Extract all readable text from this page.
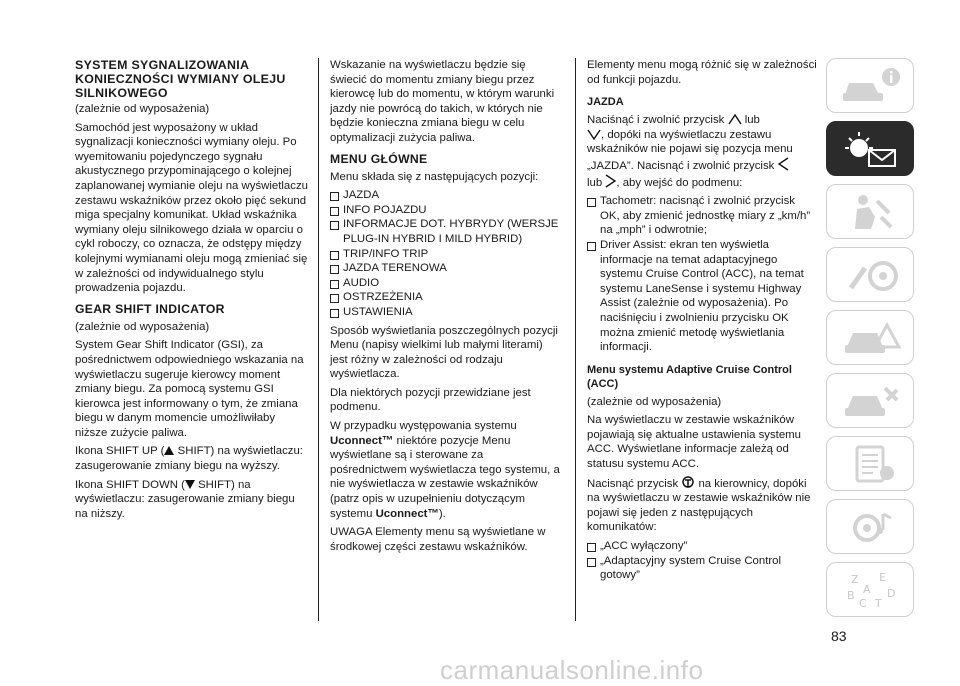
SYSTEM SYGNALIZOWANIA KONIECZNOŚCI WYMIANY OLEJU SILNIKOWEGO

(zależnie od wyposażenia)

Samochód jest wyposażony w układ sygnalizacji konieczności wymiany oleju. Po wyemitowaniu pojedynczego sygnału akustycznego przypominającego o kolejnej zaplanowanej wymianie oleju na wyświetlaczu zestawu wskaźników przez około pięć sekund miga specjalny komunikat. Układ wskaźnika wymiany oleju silnikowego działa w oparciu o cykl roboczy, co oznacza, że odstępy między kolejnymi wymianami oleju mogą zmieniać się w zależności od indywidualnego stylu prowadzenia pojazdu.

GEAR SHIFT INDICATOR

(zależnie od wyposażenia)

System Gear Shift Indicator (GSI), za pośrednictwem odpowiedniego wskazania na wyświetlaczu sugeruje kierowcy moment zmiany biegu. Za pomocą systemu GSI kierowca jest informowany o tym, że zmiana biegu w danym momencie umożliwiłaby niższe zużycie paliwa.

Ikona SHIFT UP ( SHIFT) na wyświetlaczu: zasugerowanie zmiany biegu na wyższy.

Ikona SHIFT DOWN ( SHIFT) na wyświetlaczu: zasugerowanie zmiany biegu na niższy.

Wskazanie na wyświetlaczu będzie się świecić do momentu zmiany biegu przez kierowcę lub do momentu, w którym warunki jazdy nie powrócą do takich, w których nie będzie konieczna zmiana biegu w celu optymalizacji zużycia paliwa.

MENU GŁÓWNE

Menu składa się z następujących pozycji:

JAZDA
INFO POJAZDU
INFORMACJE DOT. HYBRYDY (WERSJE PLUG-IN HYBRID I MILD HYBRID)
TRIP/INFO TRIP
JAZDA TERENOWA
AUDIO
OSTRZEŻENIA
USTAWIENIA

Sposób wyświetlania poszczególnych pozycji Menu (napisy wielkimi lub małymi literami) jest różny w zależności od rodzaju wyświetlacza.

Dla niektórych pozycji przewidziane jest podmenu.

W przypadku występowania systemu Uconnect™ niektóre pozycje Menu wyświetlane są i sterowane za pośrednictwem wyświetlacza tego systemu, a nie wyświetlacza w zestawie wskaźników (patrz opis w uzupełnieniu dotyczącym systemu Uconnect™).

UWAGA Elementy menu są wyświetlane w środkowej części zestawu wskaźników.

Elementy menu mogą różnić się w zależności od funkcji pojazdu.

JAZDA

Naciśnąć i zwolnić przycisk  lub
, dopóki na wyświetlaczu zestawu wskaźników nie pojawi się pozycja menu „JAZDA”. Nacisnąć i zwolnić przycisk
lub , aby wejść do podmenu:

Tachometr: nacisnąć i zwolnić przycisk OK, aby zmienić jednostkę miary z „km/h” na „mph” i odwrotnie;
Driver Assist: ekran ten wyświetla informacje na temat adaptacyjnego systemu Cruise Control (ACC), na temat systemu LaneSense i systemu Highway Assist (zależnie od wyposażenia). Po naciśnięciu i zwolnieniu przycisku OK można zmienić metodę wyświetlania informacji.
Menu systemu Adaptive Cruise Control (ACC)

(zależnie od wyposażenia)

Na wyświetlaczu w zestawie wskaźników pojawiają się aktualne ustawienia systemu ACC. Wyświetlane informacje zależą od statusu systemu ACC.

Nacisnąć przycisk  na kierownicy, dopóki na wyświetlaczu w zestawie wskaźników nie pojawi się jeden z następujących komunikatów:

„ACC wyłączony”
„Adaptacyjny system Cruise Control gotowy”	Z E
B A D
C T
83
carmanualsonline.info
